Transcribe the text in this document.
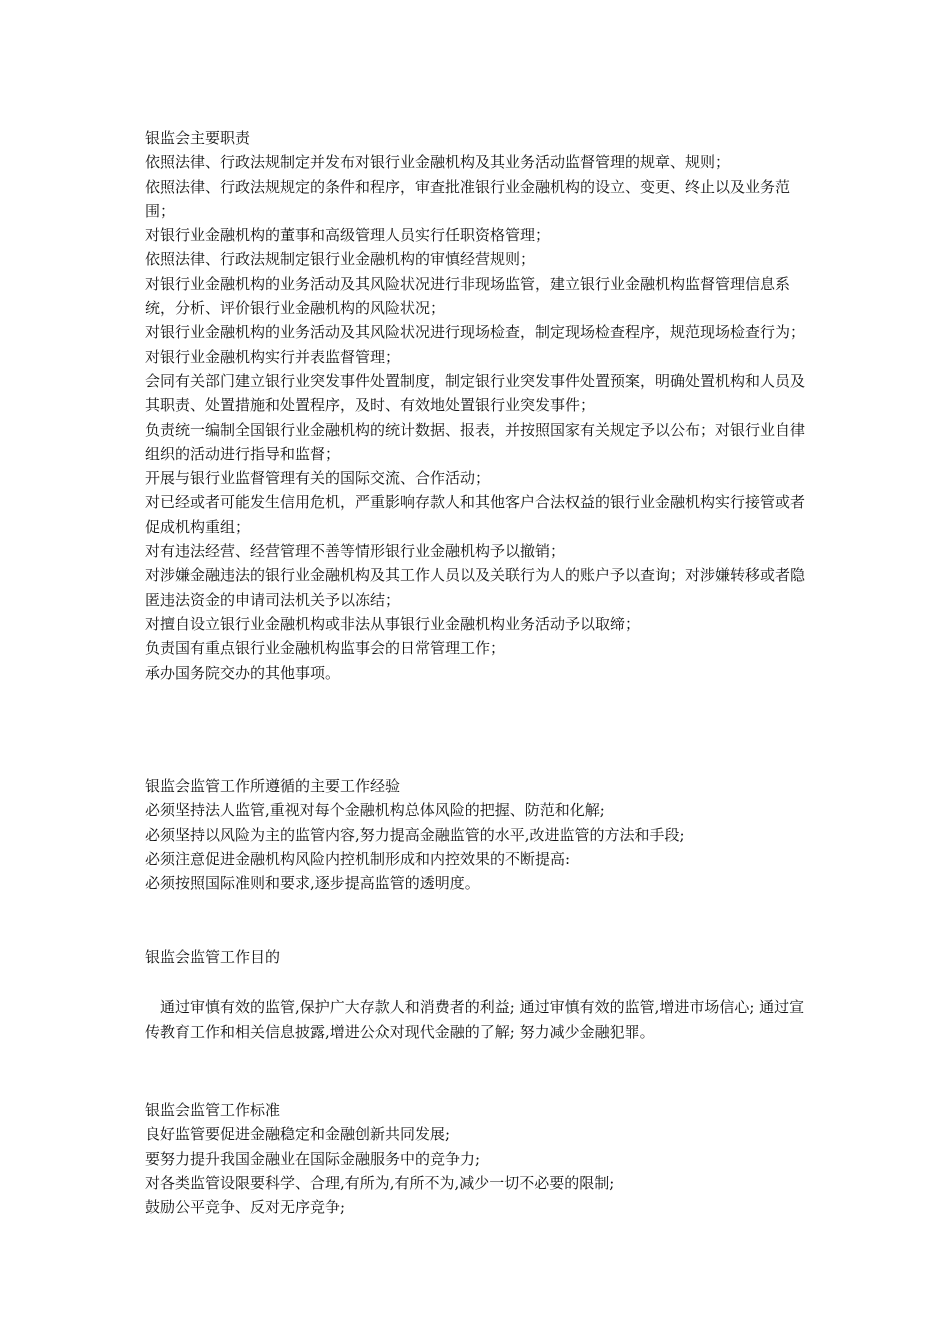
银监会主要职责
依照法律、行政法规制定并发布对银行业金融机构及其业务活动监督管理的规章、规则；
依照法律、行政法规规定的条件和程序，审查批准银行业金融机构的设立、变更、终止以及业务范围；
对银行业金融机构的董事和高级管理人员实行任职资格管理；
依照法律、行政法规制定银行业金融机构的审慎经营规则；
对银行业金融机构的业务活动及其风险状况进行非现场监管，建立银行业金融机构监督管理信息系统，分析、评价银行业金融机构的风险状况；
对银行业金融机构的业务活动及其风险状况进行现场检查，制定现场检查程序，规范现场检查行为；
对银行业金融机构实行并表监督管理；
会同有关部门建立银行业突发事件处置制度，制定银行业突发事件处置预案，明确处置机构和人员及其职责、处置措施和处置程序，及时、有效地处置银行业突发事件；
负责统一编制全国银行业金融机构的统计数据、报表，并按照国家有关规定予以公布；对银行业自律组织的活动进行指导和监督；
开展与银行业监督管理有关的国际交流、合作活动；
对已经或者可能发生信用危机，严重影响存款人和其他客户合法权益的银行业金融机构实行接管或者促成机构重组；
对有违法经营、经营管理不善等情形银行业金融机构予以撤销；
对涉嫌金融违法的银行业金融机构及其工作人员以及关联行为人的账户予以查询；对涉嫌转移或者隐匿违法资金的申请司法机关予以冻结；
对擅自设立银行业金融机构或非法从事银行业金融机构业务活动予以取缔；
负责国有重点银行业金融机构监事会的日常管理工作；
承办国务院交办的其他事项。
银监会监管工作所遵循的主要工作经验
必须坚持法人监管,重视对每个金融机构总体风险的把握、防范和化解;
必须坚持以风险为主的监管内容,努力提高金融监管的水平,改进监管的方法和手段;
必须注意促进金融机构风险内控机制形成和内控效果的不断提高:
必须按照国际准则和要求,逐步提高监管的透明度。
银监会监管工作目的
通过审慎有效的监管,保护广大存款人和消费者的利益; 通过审慎有效的监管,增进市场信心; 通过宣传教育工作和相关信息披露,增进公众对现代金融的了解; 努力减少金融犯罪。
银监会监管工作标准
良好监管要促进金融稳定和金融创新共同发展;
要努力提升我国金融业在国际金融服务中的竞争力;
对各类监管设限要科学、合理,有所为,有所不为,减少一切不必要的限制;
鼓励公平竞争、反对无序竞争;
